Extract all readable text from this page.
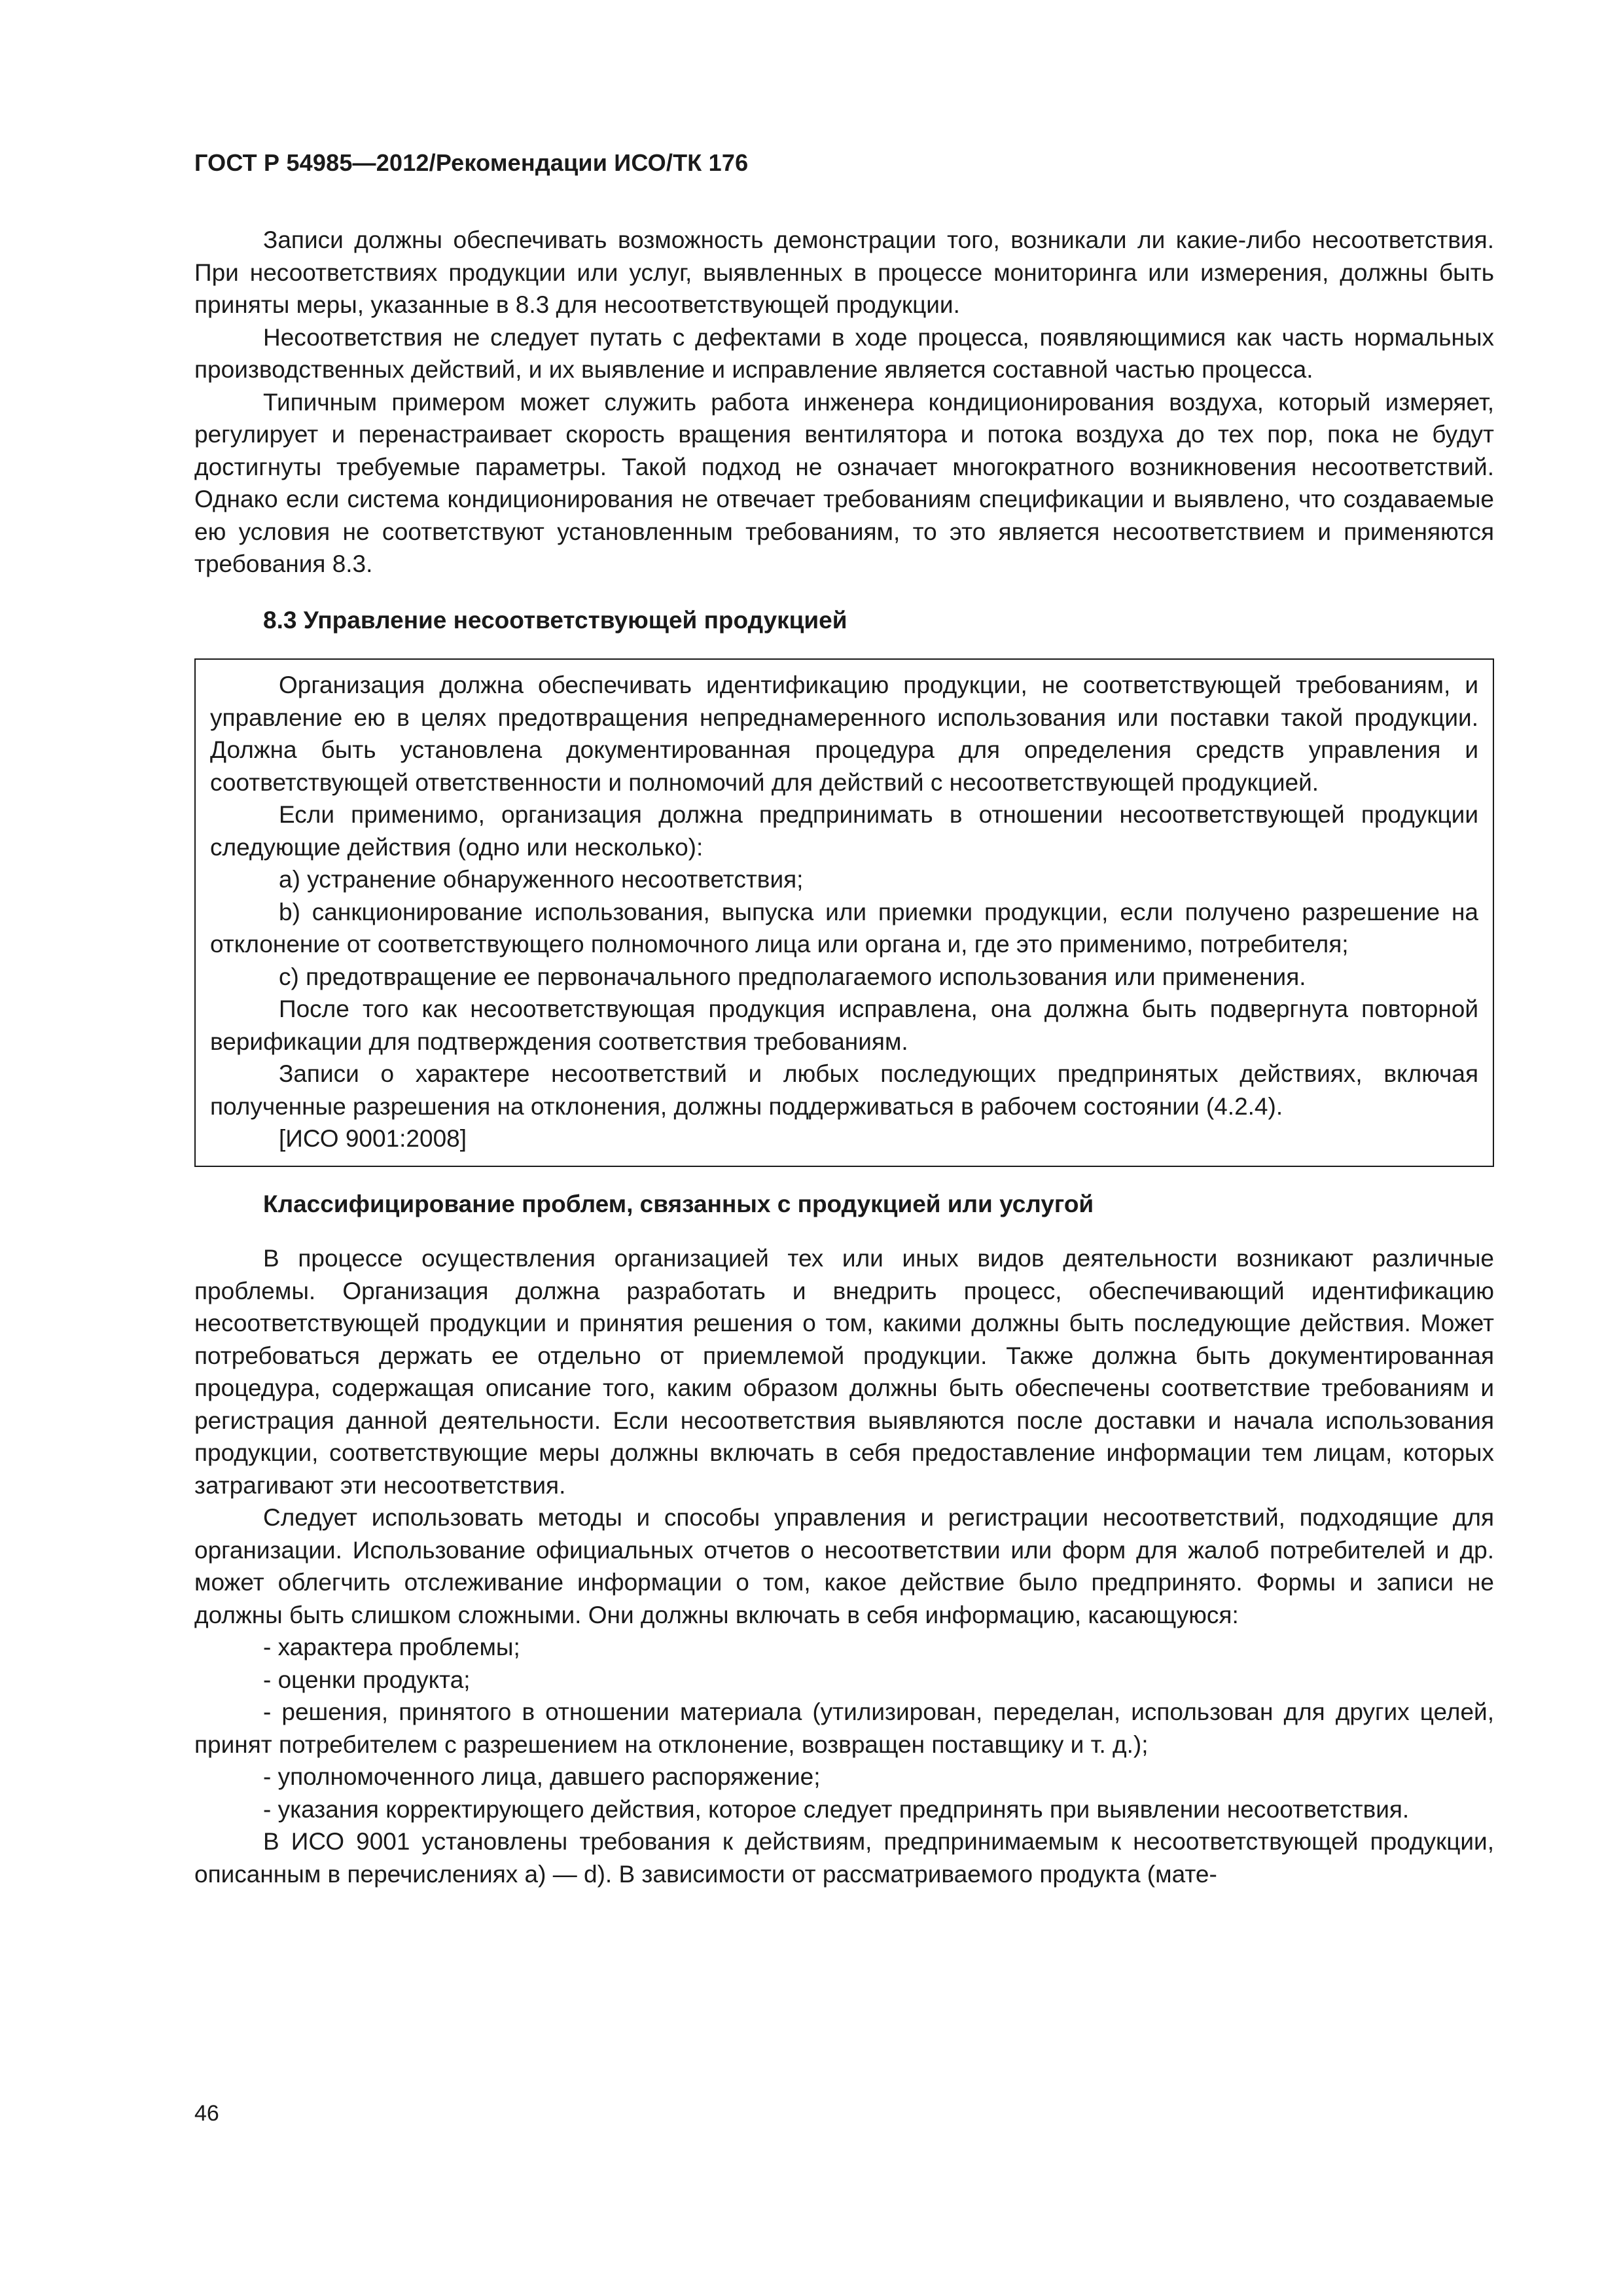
ГОСТ Р 54985—2012/Рекомендации ИСО/ТК 176

Записи должны обеспечивать возможность демонстрации того, возникали ли какие-либо несоответствия. При несоответствиях продукции или услуг, выявленных в процессе мониторинга или измерения, должны быть приняты меры, указанные в 8.3 для несоответствующей продукции.

Несоответствия не следует путать с дефектами в ходе процесса, появляющимися как часть нормальных производственных действий, и их выявление и исправление является составной частью процесса.

Типичным примером может служить работа инженера кондиционирования воздуха, который измеряет, регулирует и перенастраивает скорость вращения вентилятора и потока воздуха до тех пор, пока не будут достигнуты требуемые параметры. Такой подход не означает многократного возникновения несоответствий. Однако если система кондиционирования не отвечает требованиям спецификации и выявлено, что создаваемые ею условия не соответствуют установленным требованиям, то это является несоответствием и применяются требования 8.3.

8.3 Управление несоответствующей продукцией

Организация должна обеспечивать идентификацию продукции, не соответствующей требованиям, и управление ею в целях предотвращения непреднамеренного использования или поставки такой продукции. Должна быть установлена документированная процедура для определения средств управления и соответствующей ответственности и полномочий для действий с несоответствующей продукцией.

Если применимо, организация должна предпринимать в отношении несоответствующей продукции следующие действия (одно или несколько):

a) устранение обнаруженного несоответствия;

b) санкционирование использования, выпуска или приемки продукции, если получено разрешение на отклонение от соответствующего полномочного лица или органа и, где это применимо, потребителя;

c) предотвращение ее первоначального предполагаемого использования или применения.

После того как несоответствующая продукция исправлена, она должна быть подвергнута повторной верификации для подтверждения соответствия требованиям.

Записи о характере несоответствий и любых последующих предпринятых действиях, включая полученные разрешения на отклонения, должны поддерживаться в рабочем состоянии (4.2.4).

[ИСО 9001:2008]

Классифицирование проблем, связанных с продукцией или услугой

В процессе осуществления организацией тех или иных видов деятельности возникают различные проблемы. Организация должна разработать и внедрить процесс, обеспечивающий идентификацию несоответствующей продукции и принятия решения о том, какими должны быть последующие действия. Может потребоваться держать ее отдельно от приемлемой продукции. Также должна быть документированная процедура, содержащая описание того, каким образом должны быть обеспечены соответствие требованиям и регистрация данной деятельности. Если несоответствия выявляются после доставки и начала использования продукции, соответствующие меры должны включать в себя предоставление информации тем лицам, которых затрагивают эти несоответствия.

Следует использовать методы и способы управления и регистрации несоответствий, подходящие для организации. Использование официальных отчетов о несоответствии или форм для жалоб потребителей и др. может облегчить отслеживание информации о том, какое действие было предпринято. Формы и записи не должны быть слишком сложными. Они должны включать в себя информацию, касающуюся:

- характера проблемы;

- оценки продукта;

- решения, принятого в отношении материала (утилизирован, переделан, использован для других целей, принят потребителем с разрешением на отклонение, возвращен поставщику и т. д.);

- уполномоченного лица, давшего распоряжение;

- указания корректирующего действия, которое следует предпринять при выявлении несоответствия.

В ИСО 9001 установлены требования к действиям, предпринимаемым к несоответствующей продукции, описанным в перечислениях а) — d). В зависимости от рассматриваемого продукта (мате-

46
